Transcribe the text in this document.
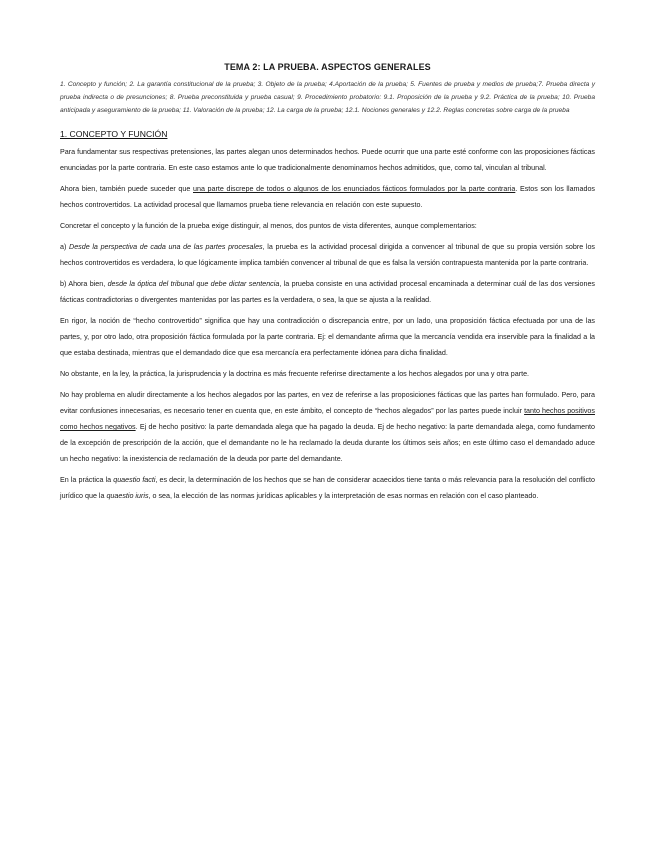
TEMA 2: LA PRUEBA. ASPECTOS GENERALES
1. Concepto y función; 2. La garantía constitucional de la prueba; 3. Objeto de la prueba; 4.Aportación de la prueba; 5. Fuentes de prueba y medios de prueba;7. Prueba directa y prueba indirecta o de presunciones; 8. Prueba preconstituida y prueba casual; 9. Procedimiento probatorio: 9.1. Proposición de la prueba y 9.2. Práctica de la prueba; 10. Prueba anticipada y aseguramiento de la prueba; 11. Valoración de la prueba; 12. La carga de la prueba; 12.1. Nociones generales y 12.2. Reglas concretas sobre carga de la prueba
1. CONCEPTO Y FUNCIÓN

Para fundamentar sus respectivas pretensiones, las partes alegan unos determinados hechos. Puede ocurrir que una parte esté conforme con las proposiciones fácticas enunciadas por la parte contraria. En este caso estamos ante lo que tradicionalmente denominamos hechos admitidos, que, como tal, vinculan al tribunal.

Ahora bien, también puede suceder que una parte discrepe de todos o algunos de los enunciados fácticos formulados por la parte contraria. Estos son los llamados hechos controvertidos. La actividad procesal que llamamos prueba tiene relevancia en relación con este supuesto.

Concretar el concepto y la función de la prueba exige distinguir, al menos, dos puntos de vista diferentes, aunque complementarios:

a) Desde la perspectiva de cada una de las partes procesales, la prueba es la actividad procesal dirigida a convencer al tribunal de que su propia versión sobre los hechos controvertidos es verdadera, lo que lógicamente implica también convencer al tribunal de que es falsa la versión contrapuesta mantenida por la parte contraria.

b) Ahora bien, desde la óptica del tribunal que debe dictar sentencia, la prueba consiste en una actividad procesal encaminada a determinar cuál de las dos versiones fácticas contradictorias o divergentes mantenidas por las partes es la verdadera, o sea, la que se ajusta a la realidad.

En rigor, la noción de “hecho controvertido” significa que hay una contradicción o discrepancia entre, por un lado, una proposición fáctica efectuada por una de las partes, y, por otro lado, otra proposición fáctica formulada por la parte contraria. Ej: el demandante afirma que la mercancía vendida era inservible para la finalidad a la que estaba destinada, mientras que el demandado dice que esa mercancía era perfectamente idónea para dicha finalidad.

No obstante, en la ley, la práctica, la jurisprudencia y la doctrina es más frecuente referirse directamente a los hechos alegados por una y otra parte.

No hay problema en aludir directamente a los hechos alegados por las partes, en vez de referirse a las proposiciones fácticas que las partes han formulado. Pero, para evitar confusiones innecesarias, es necesario tener en cuenta que, en este ámbito, el concepto de “hechos alegados” por las partes puede incluir tanto hechos positivos como hechos negativos. Ej de hecho positivo: la parte demandada alega que ha pagado la deuda. Ej de hecho negativo: la parte demandada alega, como fundamento de la excepción de prescripción de la acción, que el demandante no le ha reclamado la deuda durante los últimos seis años; en este último caso el demandado aduce un hecho negativo: la inexistencia de reclamación de la deuda por parte del demandante.

En la práctica la quaestio facti, es decir, la determinación de los hechos que se han de considerar acaecidos tiene tanta o más relevancia para la resolución del conflicto jurídico que la quaestio iuris, o sea, la elección de las normas jurídicas aplicables y la interpretación de esas normas en relación con el caso planteado.
